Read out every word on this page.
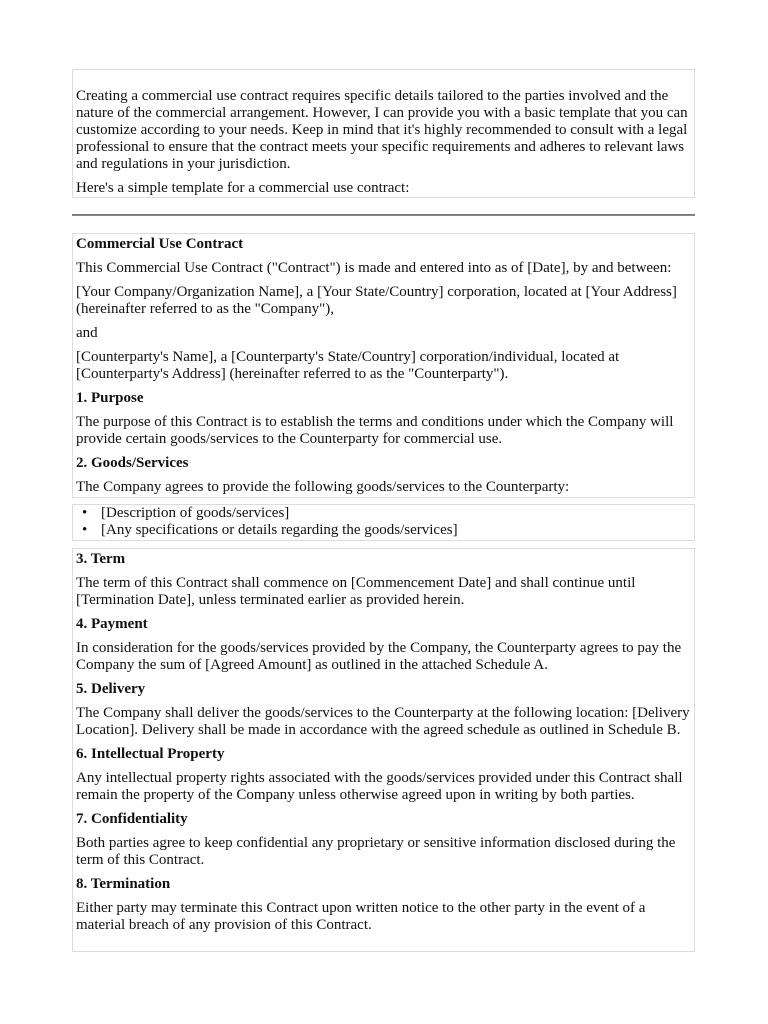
Creating a commercial use contract requires specific details tailored to the parties involved and the nature of the commercial arrangement. However, I can provide you with a basic template that you can customize according to your needs. Keep in mind that it's highly recommended to consult with a legal professional to ensure that the contract meets your specific requirements and adheres to relevant laws and regulations in your jurisdiction.

Here's a simple template for a commercial use contract:

Commercial Use Contract

This Commercial Use Contract ("Contract") is made and entered into as of [Date], by and between:

[Your Company/Organization Name], a [Your State/Country] corporation, located at [Your Address] (hereinafter referred to as the "Company"),

and

[Counterparty's Name], a [Counterparty's State/Country] corporation/individual, located at [Counterparty's Address] (hereinafter referred to as the "Counterparty").

1. Purpose

The purpose of this Contract is to establish the terms and conditions under which the Company will provide certain goods/services to the Counterparty for commercial use.

2. Goods/Services

The Company agrees to provide the following goods/services to the Counterparty:

• [Description of goods/services]
• [Any specifications or details regarding the goods/services]
3. Term

The term of this Contract shall commence on [Commencement Date] and shall continue until [Termination Date], unless terminated earlier as provided herein.

4. Payment

In consideration for the goods/services provided by the Company, the Counterparty agrees to pay the Company the sum of [Agreed Amount] as outlined in the attached Schedule A.

5. Delivery

The Company shall deliver the goods/services to the Counterparty at the following location: [Delivery Location]. Delivery shall be made in accordance with the agreed schedule as outlined in Schedule B.

6. Intellectual Property

Any intellectual property rights associated with the goods/services provided under this Contract shall remain the property of the Company unless otherwise agreed upon in writing by both parties.

7. Confidentiality

Both parties agree to keep confidential any proprietary or sensitive information disclosed during the term of this Contract.

8. Termination

Either party may terminate this Contract upon written notice to the other party in the event of a material breach of any provision of this Contract.
